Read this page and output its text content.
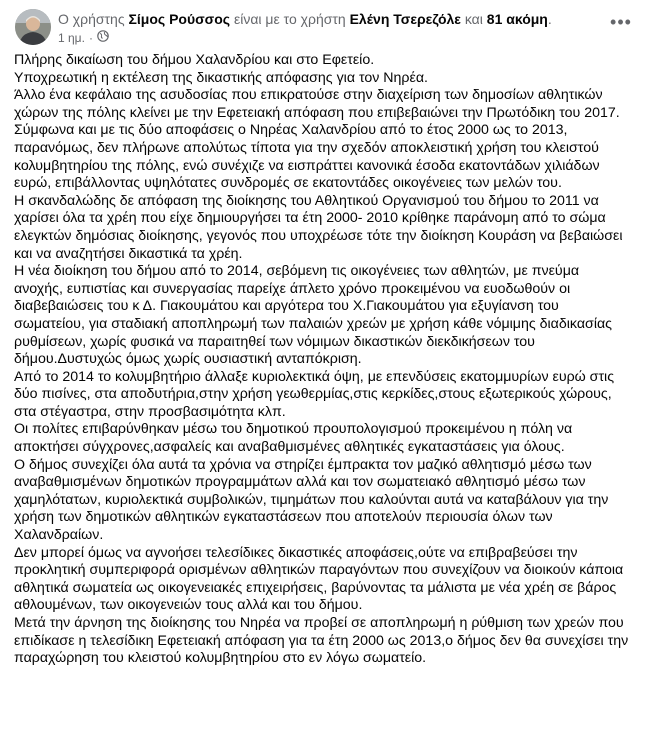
Ο χρήστης Σίμος Ρούσσος είναι με το χρήστη Ελένη Τσερεζόλε και 81 ακόμη.
1 ημ. ·
•••

Πλήρης δικαίωση του δήμου Χαλανδρίου και στο Εφετείο.

Υποχρεωτική η εκτέλεση της δικαστικής απόφασης για τον Νηρέα.

Άλλο ένα κεφάλαιο της ασυδοσίας που επικρατούσε στην διαχείριση των δημοσίων αθλητικών χώρων της πόλης κλείνει με την Εφετειακή απόφαση που επιβεβαιώνει την Πρωτόδικη του 2017.

Σύμφωνα και με τις δύο αποφάσεις ο Νηρέας Χαλανδρίου από το έτος 2000 ως το 2013, παρανόμως, δεν πλήρωνε απολύτως τίποτα για την σχεδόν αποκλειστική χρήση του κλειστού κολυμβητηρίου της πόλης, ενώ συνέχιζε να εισπράττει κανονικά έσοδα εκατοντάδων χιλιάδων ευρώ, επιβάλλοντας υψηλότατες συνδρομές σε εκατοντάδες οικογένειες των μελών του.

Η σκανδαλώδης δε απόφαση της διοίκησης του Αθλητικού Οργανισμού του δήμου το 2011 να χαρίσει όλα τα χρέη που είχε δημιουργήσει τα έτη 2000- 2010 κρίθηκε παράνομη από το σώμα ελεγκτών δημόσιας διοίκησης, γεγονός που υποχρέωσε τότε την διοίκηση Κουράση να βεβαιώσει και να αναζητήσει δικαστικά τα χρέη.

Η νέα διοίκηση του δήμου από το 2014, σεβόμενη τις οικογένειες των αθλητών, με πνεύμα ανοχής, ευπιστίας και συνεργασίας παρείχε άπλετο χρόνο προκειμένου να ευοδωθούν οι διαβεβαιώσεις του κ Δ. Γιακουμάτου και αργότερα του Χ.Γιακουμάτου για εξυγίανση του σωματείου, για σταδιακή αποπληρωμή των παλαιών χρεών με χρήση κάθε νόμιμης διαδικασίας ρυθμίσεων, χωρίς φυσικά να παραιτηθεί των νόμιμων δικαστικών διεκδικήσεων του δήμου.Δυστυχώς όμως χωρίς ουσιαστική ανταπόκριση.

Από το 2014 το κολυμβητήριο άλλαξε κυριολεκτικά όψη, με επενδύσεις εκατομμυρίων ευρώ στις δύο πισίνες, στα αποδυτήρια,στην χρήση γεωθερμίας,στις κερκίδες,στους εξωτερικούς χώρους, στα στέγαστρα, στην προσβασιμότητα κλπ.

Οι πολίτες επιβαρύνθηκαν μέσω του δημοτικού προυπολογισμού προκειμένου η πόλη να αποκτήσει σύγχρονες,ασφαλείς και αναβαθμισμένες αθλητικές εγκαταστάσεις για όλους.

Ο δήμος συνεχίζει όλα αυτά τα χρόνια να στηρίζει έμπρακτα τον μαζικό αθλητισμό μέσω των αναβαθμισμένων δημοτικών προγραμμάτων αλλά και τον σωματειακό αθλητισμό μέσω των χαμηλότατων, κυριολεκτικά συμβολικών, τιμημάτων που καλούνται αυτά να καταβάλουν για την χρήση των δημοτικών αθλητικών εγκαταστάσεων που αποτελούν περιουσία όλων των Χαλανδραίων.

Δεν μπορεί όμως να αγνοήσει τελεσίδικες δικαστικές αποφάσεις,ούτε να επιβραβεύσει την προκλητική συμπεριφορά ορισμένων αθλητικών παραγόντων που συνεχίζουν να διοικούν κάποια αθλητικά σωματεία ως οικογενειακές επιχειρήσεις, βαρύνοντας τα μάλιστα με νέα χρέη σε βάρος αθλουμένων, των οικογενειών τους αλλά και του δήμου.

Μετά την άρνηση της διοίκησης του Νηρέα να προβεί σε αποπληρωμή η ρύθμιση των χρεών που επιδίκασε η τελεσίδικη Εφετειακή απόφαση για τα έτη 2000 ως 2013,ο δήμος δεν θα συνεχίσει την παραχώρηση του κλειστού κολυμβητηρίου στο εν λόγω σωματείο.
